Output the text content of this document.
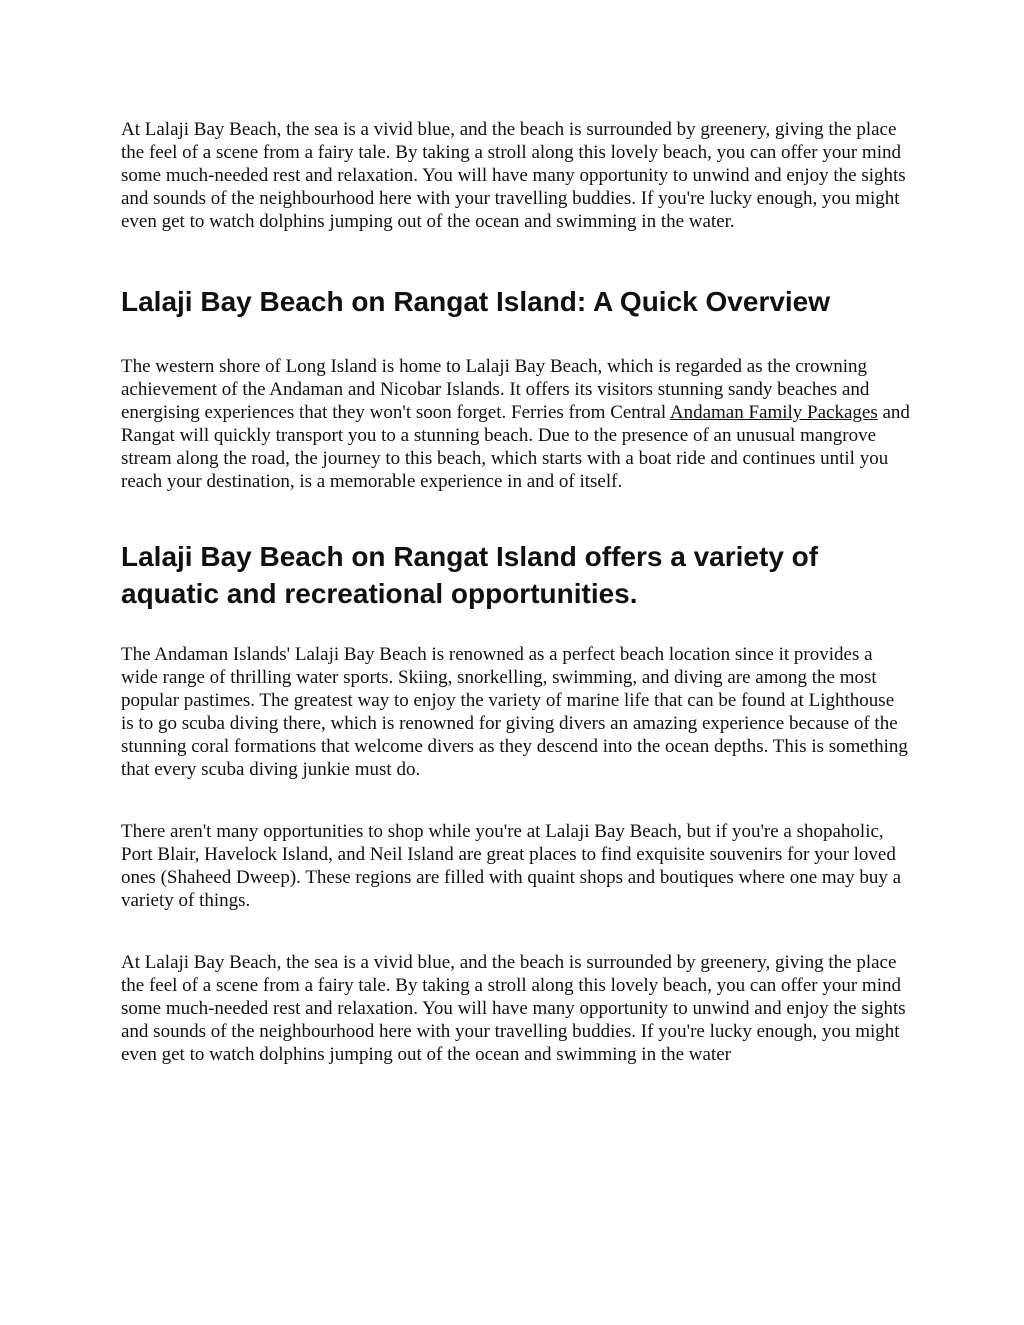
At Lalaji Bay Beach, the sea is a vivid blue, and the beach is surrounded by greenery, giving the place the feel of a scene from a fairy tale. By taking a stroll along this lovely beach, you can offer your mind some much-needed rest and relaxation. You will have many opportunity to unwind and enjoy the sights and sounds of the neighbourhood here with your travelling buddies. If you're lucky enough, you might even get to watch dolphins jumping out of the ocean and swimming in the water.

Lalaji Bay Beach on Rangat Island: A Quick Overview

The western shore of Long Island is home to Lalaji Bay Beach, which is regarded as the crowning achievement of the Andaman and Nicobar Islands. It offers its visitors stunning sandy beaches and energising experiences that they won't soon forget. Ferries from Central Andaman Family Packages and Rangat will quickly transport you to a stunning beach. Due to the presence of an unusual mangrove stream along the road, the journey to this beach, which starts with a boat ride and continues until you reach your destination, is a memorable experience in and of itself.

Lalaji Bay Beach on Rangat Island offers a variety of aquatic and recreational opportunities.

The Andaman Islands' Lalaji Bay Beach is renowned as a perfect beach location since it provides a wide range of thrilling water sports. Skiing, snorkelling, swimming, and diving are among the most popular pastimes. The greatest way to enjoy the variety of marine life that can be found at Lighthouse is to go scuba diving there, which is renowned for giving divers an amazing experience because of the stunning coral formations that welcome divers as they descend into the ocean depths. This is something that every scuba diving junkie must do.

There aren't many opportunities to shop while you're at Lalaji Bay Beach, but if you're a shopaholic, Port Blair, Havelock Island, and Neil Island are great places to find exquisite souvenirs for your loved ones (Shaheed Dweep). These regions are filled with quaint shops and boutiques where one may buy a variety of things.

At Lalaji Bay Beach, the sea is a vivid blue, and the beach is surrounded by greenery, giving the place the feel of a scene from a fairy tale. By taking a stroll along this lovely beach, you can offer your mind some much-needed rest and relaxation. You will have many opportunity to unwind and enjoy the sights and sounds of the neighbourhood here with your travelling buddies. If you're lucky enough, you might even get to watch dolphins jumping out of the ocean and swimming in the water
